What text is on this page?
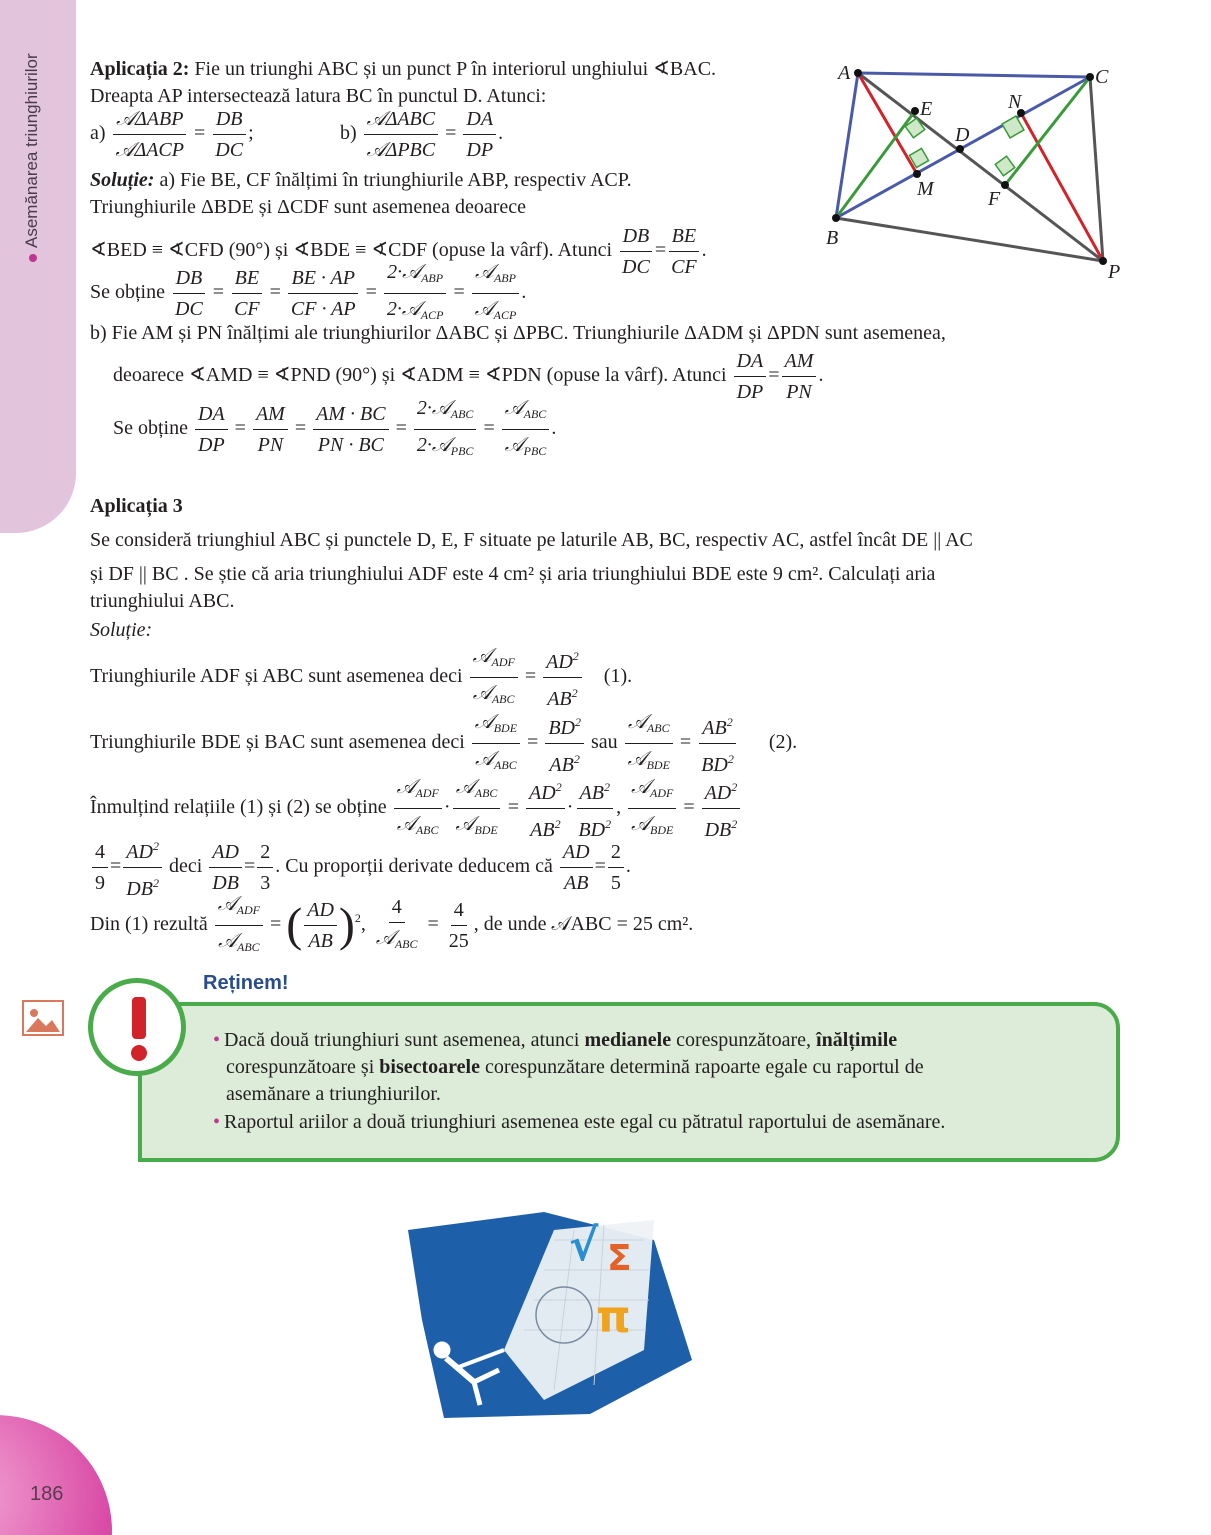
Asemănarea triunghiurilor
186
Aplicația 2: Fie un triunghi ABC și un punct P în interiorul unghiului ∢BAC.
Dreapta AP intersectează latura BC în punctul D. Atunci:
$a) \frac{\text{𝒜ΔABP}}{\text{𝒜ΔACP}} = \frac{DB}{DC}$ ;	$b) \frac{\text{𝒜ΔABC}}{\text{𝒜ΔPBC}} = \frac{DA}{DP}$ .
Soluție: a) Fie BE, CF înălțimi în triunghiurile ABP, respectiv ACP.
Triunghiurile ΔBDE și ΔCDF sunt asemenea deoarece
∢BED ≡ ∢CFD (90°) și ∢BDE ≡ ∢CDF (opuse la vârf). Atunci $\frac{DB}{DC} = \frac{BE}{CF}$ .
Se obține $\frac{DB}{DC} = \frac{BE}{CF} = \frac{BE \cdot AP}{CF \cdot AP} = \frac{2\cdot 𝒜_{ABP}}{2\cdot 𝒜_{ACP}} = \frac{𝒜_{ABP}}{𝒜_{ACP}}$ .
b) Fie AM și PN înălțimi ale triunghiurilor ΔABC și ΔPBC. Triunghiurile ΔADM și ΔPDN sunt asemenea,
deoarece ∢AMD ≡ ∢PND (90°) și ∢ADM ≡ ∢PDN (opuse la vârf). Atunci $\frac{DA}{DP} = \frac{AM}{PN}$ .
Se obține $\frac{DA}{DP} = \frac{AM}{PN} = \frac{AM \cdot BC}{PN \cdot BC} = \frac{2\cdot 𝒜_{ABC}}{2\cdot 𝒜_{PBC}} = \frac{𝒜_{ABC}}{𝒜_{PBC}}$ .
A	C
E	N
D
M	F
B
P
Aplicația 3
Se consideră triunghiul ABC și punctele D, E, F situate pe laturile AB, BC, respectiv AC, astfel încât DE || AC
și DF || BC . Se știe că aria triunghiului ADF este 4 cm² și aria triunghiului BDE este 9 cm². Calculați aria
triunghiului ABC.
Soluție:
Triunghiurile ADF și ABC sunt asemenea deci $\frac{𝒜_{ADF}}{𝒜_{ABC}} = \frac{AD^2}{AB^2} (1)$.
Triunghiurile BDE și BAC sunt asemenea deci $\frac{𝒜_{BDE}}{𝒜_{ABC}} = \frac{BD^2}{AB^2}$ sau $\frac{𝒜_{ABC}}{𝒜_{BDE}} = \frac{AB^2}{BD^2} (2)$.
Înmulțind relațiile (1) și (2) se obține $\frac{𝒜_{ADF}}{𝒜_{ABC}} \cdot \frac{𝒜_{ABC}}{𝒜_{BDE}} = \frac{AD^2}{AB^2} \cdot \frac{AB^2}{BD^2}$ , $\frac{𝒜_{ADF}}{𝒜_{BDE}} = \frac{AD^2}{DB^2}$
$\frac{4}{9} = \frac{AD^2}{DB^2}$ deci $\frac{AD}{DB} = \frac{2}{3}$ . Cu proporții derivate deducem că $\frac{AD}{AB} = \frac{2}{5}$ .
Din (1) rezultă $\frac{𝒜_{ADF}}{𝒜_{ABC}}$ = ( $\frac{AD}{AB} )^2$, $\frac{4}{𝒜_{ABC}} = \frac{4}{25}$ , de unde 𝒜ABC = 25 cm².
Reținem!
• Dacă două triunghiuri sunt asemenea, atunci medianele corespunzătoare, înălțimile
corespunzătoare și bisectoarele corespunzătare determină rapoarte egale cu raportul de
asemănare a triunghiurilor.
• Raportul ariilor a două triunghiuri asemenea este egal cu pătratul raportului de asemănare.
√ Σ
π
